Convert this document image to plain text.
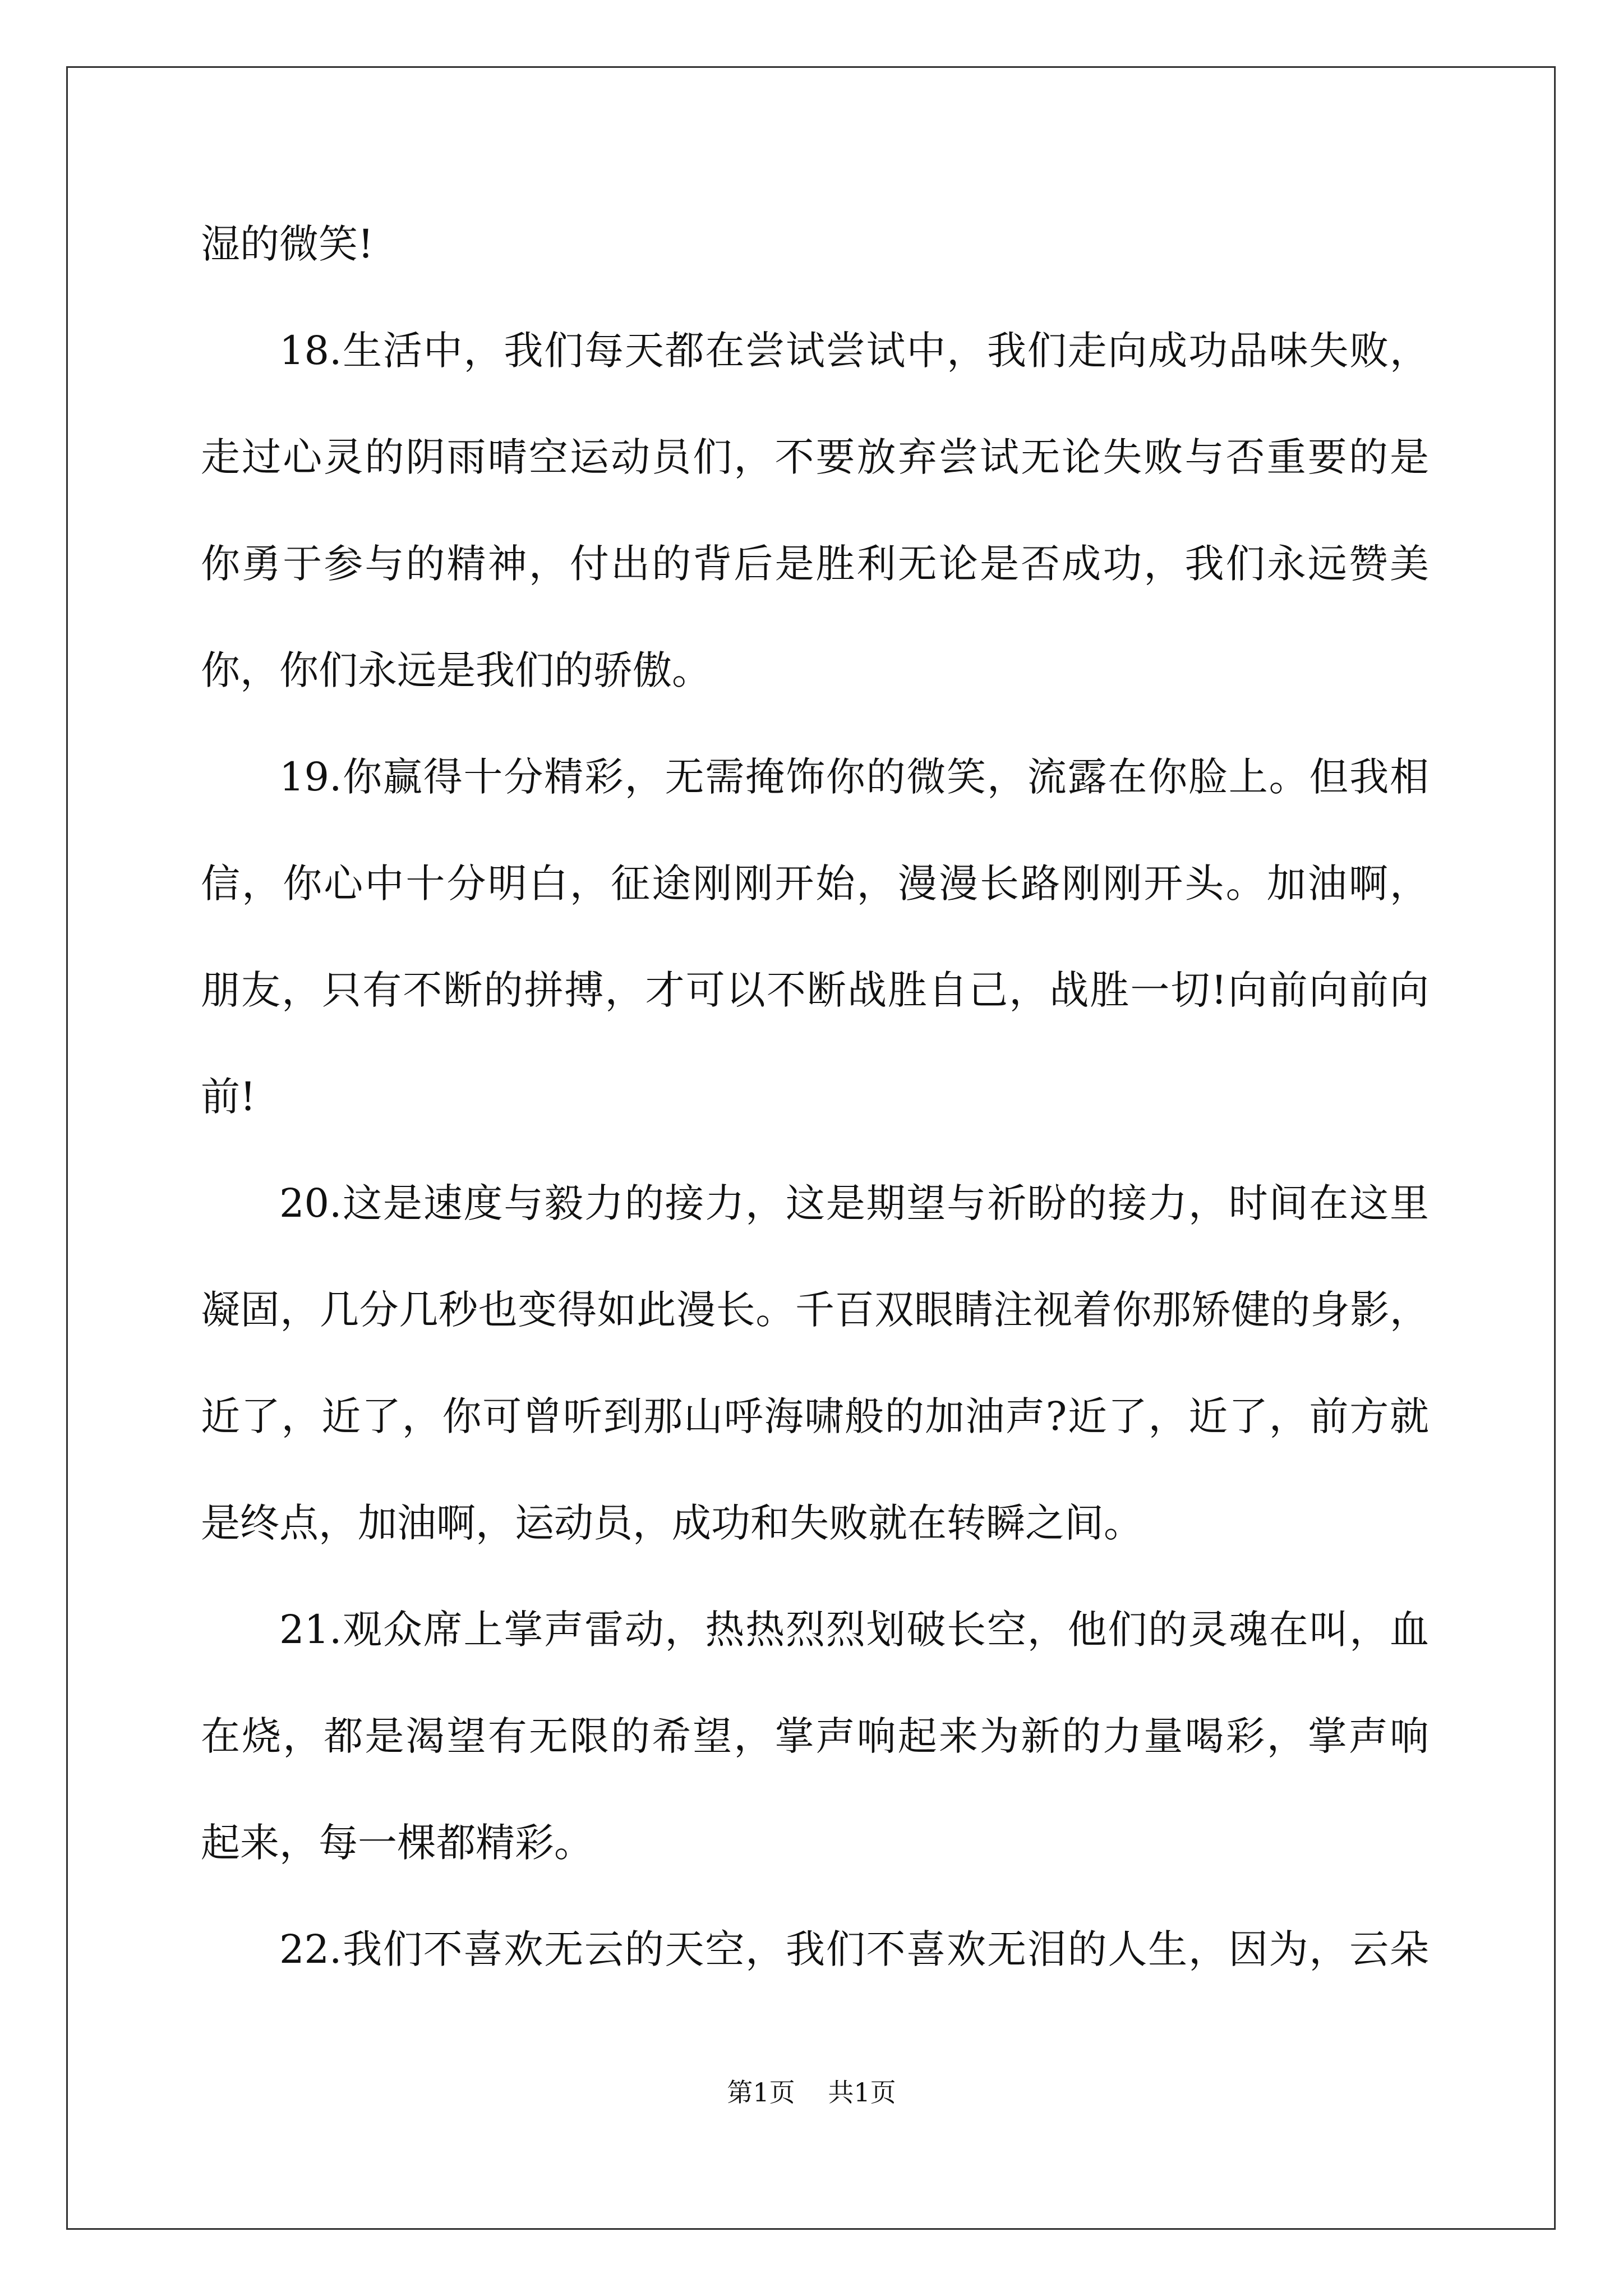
湿的微笑!
18.生活中，我们每天都在尝试尝试中，我们走向成功品味失败，
走过心灵的阴雨晴空运动员们，不要放弃尝试无论失败与否重要的是
你勇于参与的精神，付出的背后是胜利无论是否成功，我们永远赞美
你，你们永远是我们的骄傲。
19.你赢得十分精彩，无需掩饰你的微笑，流露在你脸上。但我相
信，你心中十分明白，征途刚刚开始，漫漫长路刚刚开头。加油啊，
朋友，只有不断的拼搏，才可以不断战胜自己，战胜一切!向前向前向
前!
20.这是速度与毅力的接力，这是期望与祈盼的接力，时间在这里
凝固，几分几秒也变得如此漫长。千百双眼睛注视着你那矫健的身影，
近了，近了，你可曾听到那山呼海啸般的加油声?近了，近了，前方就
是终点，加油啊，运动员，成功和失败就在转瞬之间。
21.观众席上掌声雷动，热热烈烈划破长空，他们的灵魂在叫，血
在烧，都是渴望有无限的希望，掌声响起来为新的力量喝彩，掌声响
起来，每一棵都精彩。
22.我们不喜欢无云的天空，我们不喜欢无泪的人生，因为，云朵
第1页 共1页
